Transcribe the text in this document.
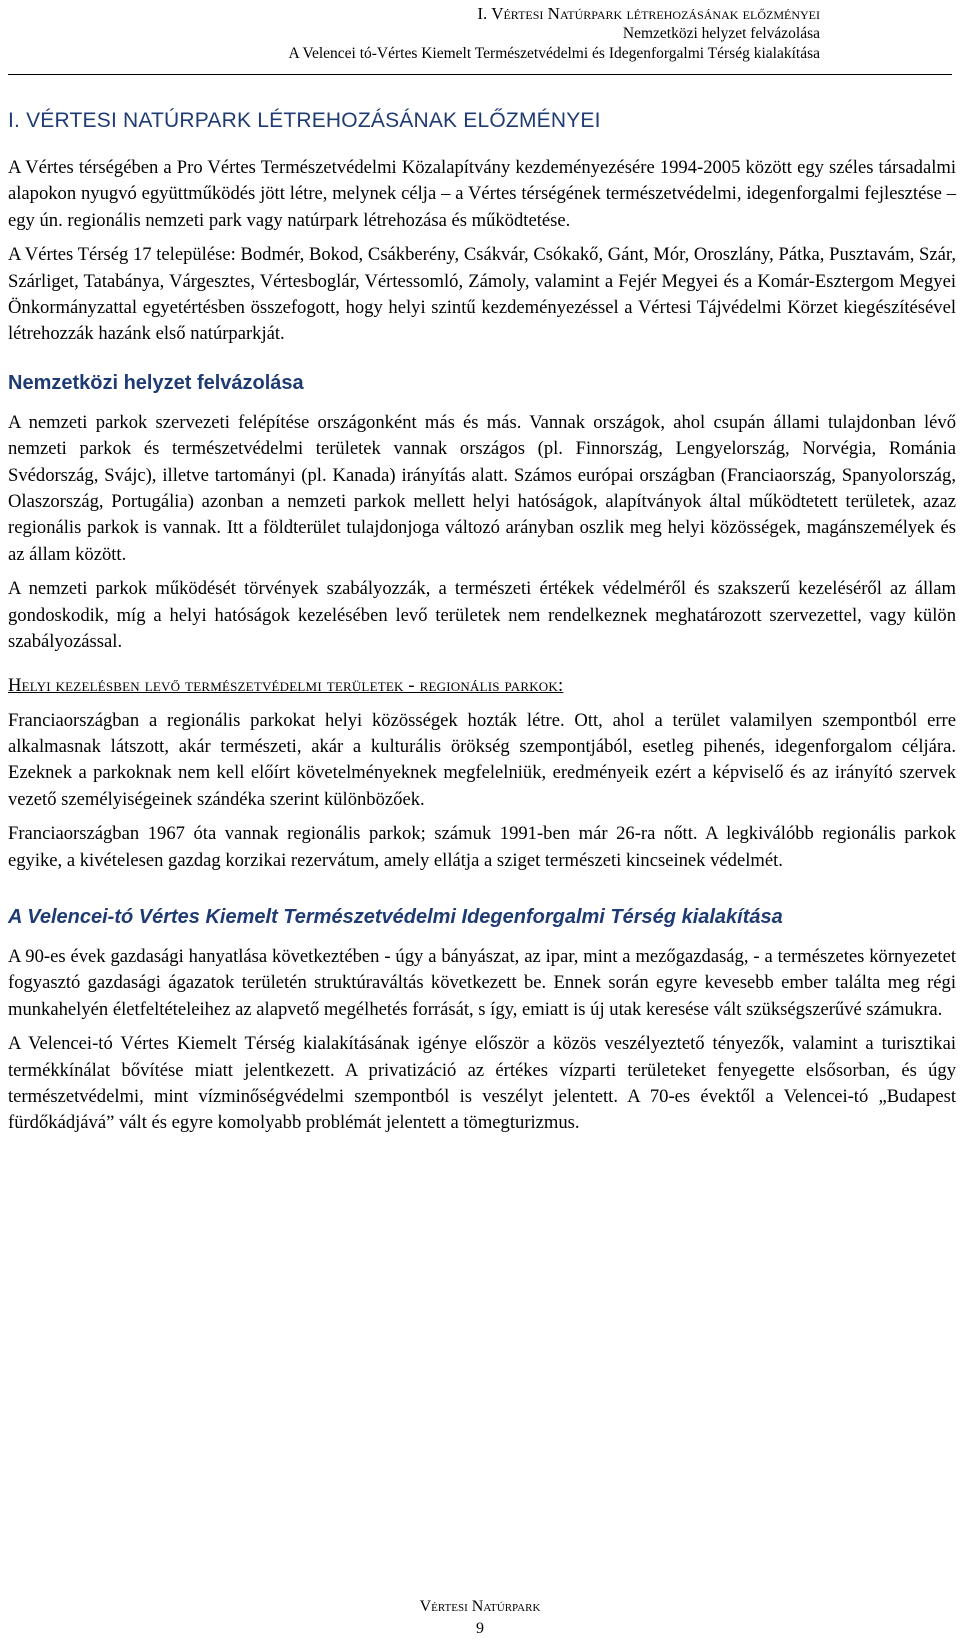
I. Vértesi Natúrpark létrehozásának előzményei
Nemzetközi helyzet felvázolása
A Velencei tó-Vértes Kiemelt Természetvédelmi és Idegenforgalmi Térség kialakítása
I. VÉRTESI NATÚRPARK LÉTREHOZÁSÁNAK ELŐZMÉNYEI

A Vértes térségében a Pro Vértes Természetvédelmi Közalapítvány kezdeményezésére 1994-2005 között egy széles társadalmi alapokon nyugvó együttműködés jött létre, melynek célja – a Vértes térségének természetvédelmi, idegenforgalmi fejlesztése – egy ún. regionális nemzeti park vagy natúrpark létrehozása és működtetése.

A Vértes Térség 17 települése: Bodmér, Bokod, Csákberény, Csákvár, Csókakő, Gánt, Mór, Oroszlány, Pátka, Pusztavám, Szár, Szárliget, Tatabánya, Várgesztes, Vértesboglár, Vértessomló, Zámoly, valamint a Fejér Megyei és a Komár-Esztergom Megyei Önkormányzattal egyetértésben összefogott, hogy helyi szintű kezdeményezéssel a Vértesi Tájvédelmi Körzet kiegészítésével létrehozzák hazánk első natúrparkját.

Nemzetközi helyzet felvázolása

A nemzeti parkok szervezeti felépítése országonként más és más. Vannak országok, ahol csupán állami tulajdonban lévő nemzeti parkok és természetvédelmi területek vannak országos (pl. Finnország, Lengyelország, Norvégia, Románia Svédország, Svájc), illetve tartományi (pl. Kanada) irányítás alatt. Számos európai országban (Franciaország, Spanyolország, Olaszország, Portugália) azonban a nemzeti parkok mellett helyi hatóságok, alapítványok által működtetett területek, azaz regionális parkok is vannak. Itt a földterület tulajdonjoga változó arányban oszlik meg helyi közösségek, magánszemélyek és az állam között.

A nemzeti parkok működését törvények szabályozzák, a természeti értékek védelméről és szakszerű kezeléséről az állam gondoskodik, míg a helyi hatóságok kezelésében levő területek nem rendelkeznek meghatározott szervezettel, vagy külön szabályozással.

Helyi kezelésben levő természetvédelmi területek - regionális parkok:

Franciaországban a regionális parkokat helyi közösségek hozták létre. Ott, ahol a terület valamilyen szempontból erre alkalmasnak látszott, akár természeti, akár a kulturális örökség szempontjából, esetleg pihenés, idegenforgalom céljára. Ezeknek a parkoknak nem kell előírt követelményeknek megfelelniük, eredményeik ezért a képviselő és az irányító szervek vezető személyiségeinek szándéka szerint különbözőek.

Franciaországban 1967 óta vannak regionális parkok; számuk 1991-ben már 26-ra nőtt. A legkiválóbb regionális parkok egyike, a kivételesen gazdag korzikai rezervátum, amely ellátja a sziget természeti kincseinek védelmét.

A Velencei-tó Vértes Kiemelt Természetvédelmi Idegenforgalmi Térség kialakítása

A 90-es évek gazdasági hanyatlása következtében - úgy a bányászat, az ipar, mint a mezőgazdaság, - a természetes környezetet fogyasztó gazdasági ágazatok területén struktúraváltás következett be. Ennek során egyre kevesebb ember találta meg régi munkahelyén életfeltételeihez az alapvető megélhetés forrását, s így, emiatt is új utak keresése vált szükségszerűvé számukra.

A Velencei-tó Vértes Kiemelt Térség kialakításának igénye először a közös veszélyeztető tényezők, valamint a turisztikai termékkínálat bővítése miatt jelentkezett. A privatizáció az értékes vízparti területeket fenyegette elsősorban, és úgy természetvédelmi, mint vízminőségvédelmi szempontból is veszélyt jelentett. A 70-es évektől a Velencei-tó „Budapest fürdőkádjává” vált és egyre komolyabb problémát jelentett a tömegturizmus.

Vértesi Natúrpark
9
